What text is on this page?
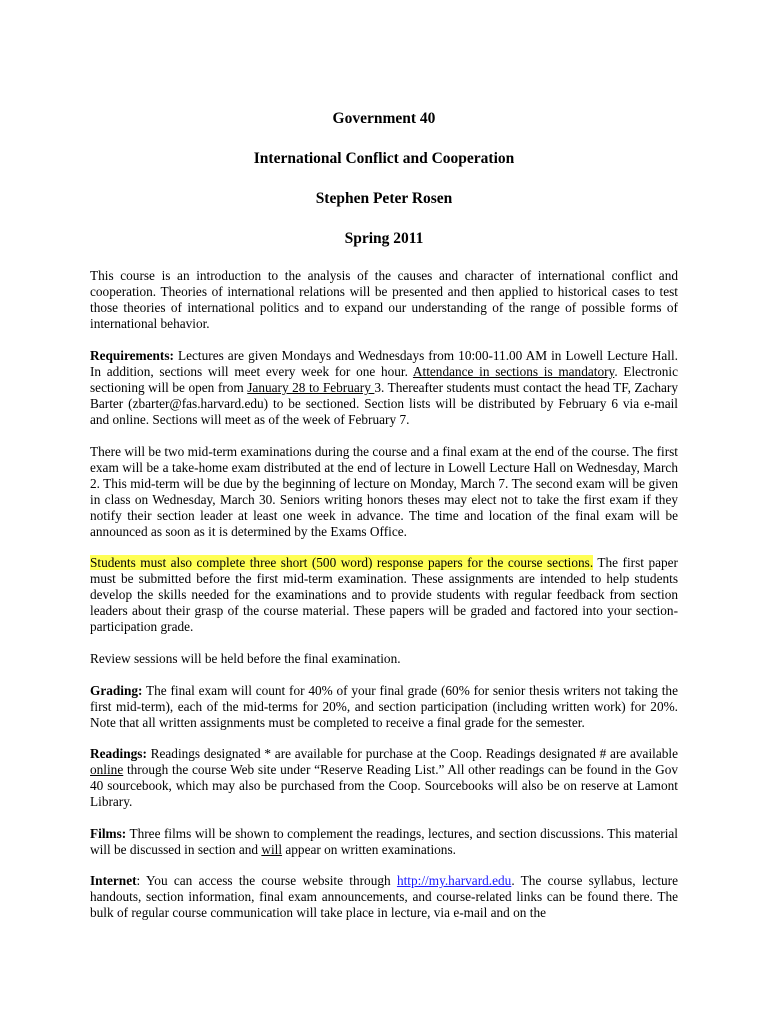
Government 40
International Conflict and Cooperation
Stephen Peter Rosen
Spring 2011
This course is an introduction to the analysis of the causes and character of international conflict and cooperation. Theories of international relations will be presented and then applied to historical cases to test those theories of international politics and to expand our understanding of the range of possible forms of international behavior.
Requirements: Lectures are given Mondays and Wednesdays from 10:00-11.00 AM in Lowell Lecture Hall. In addition, sections will meet every week for one hour. Attendance in sections is mandatory. Electronic sectioning will be open from January 28 to February 3. Thereafter students must contact the head TF, Zachary Barter (zbarter@fas.harvard.edu) to be sectioned. Section lists will be distributed by February 6 via e-mail and online. Sections will meet as of the week of February 7.
There will be two mid-term examinations during the course and a final exam at the end of the course. The first exam will be a take-home exam distributed at the end of lecture in Lowell Lecture Hall on Wednesday, March 2. This mid-term will be due by the beginning of lecture on Monday, March 7. The second exam will be given in class on Wednesday, March 30. Seniors writing honors theses may elect not to take the first exam if they notify their section leader at least one week in advance. The time and location of the final exam will be announced as soon as it is determined by the Exams Office.
Students must also complete three short (500 word) response papers for the course sections. The first paper must be submitted before the first mid-term examination. These assignments are intended to help students develop the skills needed for the examinations and to provide students with regular feedback from section leaders about their grasp of the course material. These papers will be graded and factored into your section-participation grade.
Review sessions will be held before the final examination.
Grading: The final exam will count for 40% of your final grade (60% for senior thesis writers not taking the first mid-term), each of the mid-terms for 20%, and section participation (including written work) for 20%. Note that all written assignments must be completed to receive a final grade for the semester.
Readings: Readings designated * are available for purchase at the Coop. Readings designated # are available online through the course Web site under “Reserve Reading List.” All other readings can be found in the Gov 40 sourcebook, which may also be purchased from the Coop. Sourcebooks will also be on reserve at Lamont Library.
Films: Three films will be shown to complement the readings, lectures, and section discussions. This material will be discussed in section and will appear on written examinations.
Internet: You can access the course website through http://my.harvard.edu. The course syllabus, lecture handouts, section information, final exam announcements, and course-related links can be found there. The bulk of regular course communication will take place in lecture, via e-mail and on the
